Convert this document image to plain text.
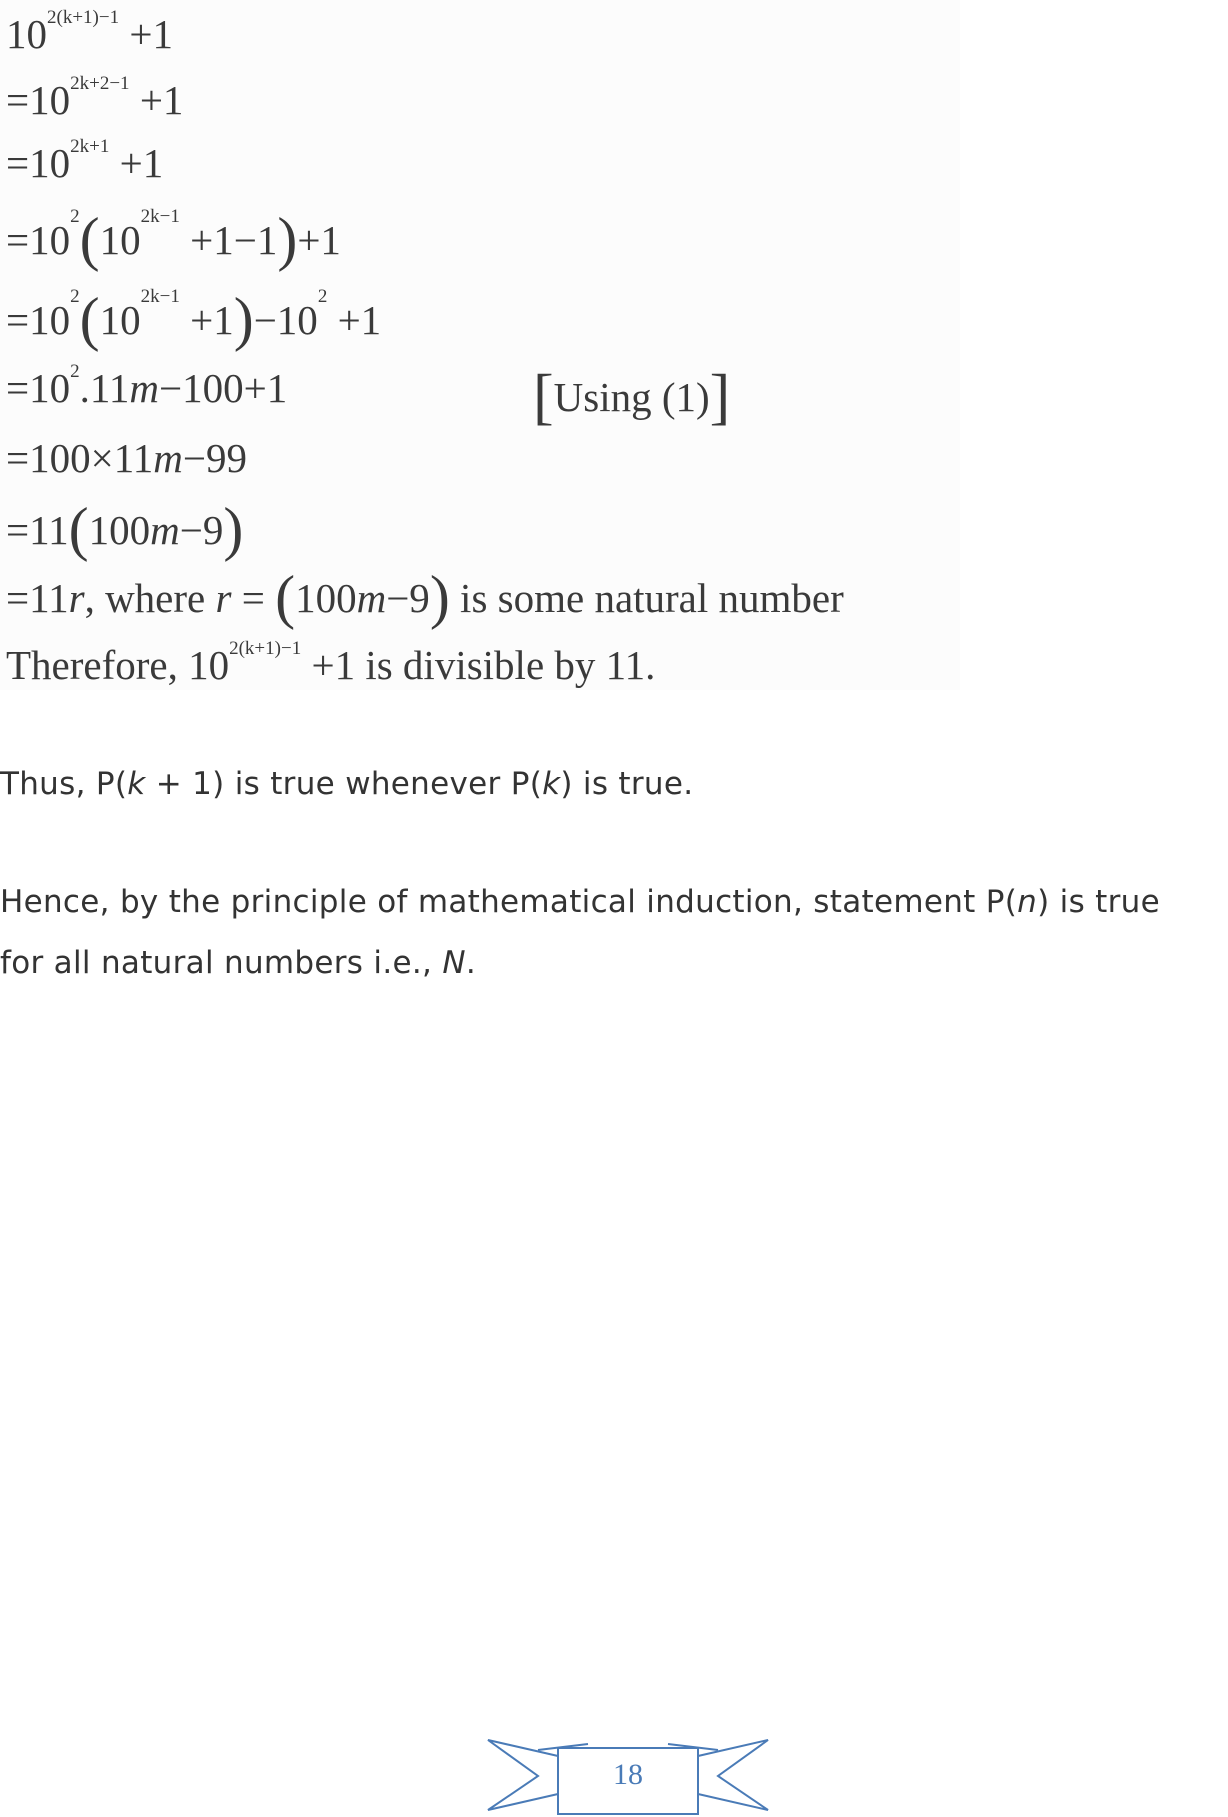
$10^{2(k+1)-1} +1$
$=10^{2k+2-1} +1$
$=10^{2k+1} +1$
$=10^2(10^{2k-1} +1-1)+1$
$=10^2(10^{2k-1} +1)-10^2 +1$
$=10^2.11m-100+1$	[Using (1)]
=100×11m−99
=11(100m−9)
=11r, where r = (100m−9) is some natural number
Therefore, $10^{2(k+1)-1} +1$ is divisible by 11.
Thus, P(k + 1) is true whenever P(k) is true.
Hence, by the principle of mathematical induction, statement P(n) is true
for all natural numbers i.e., N.
18
